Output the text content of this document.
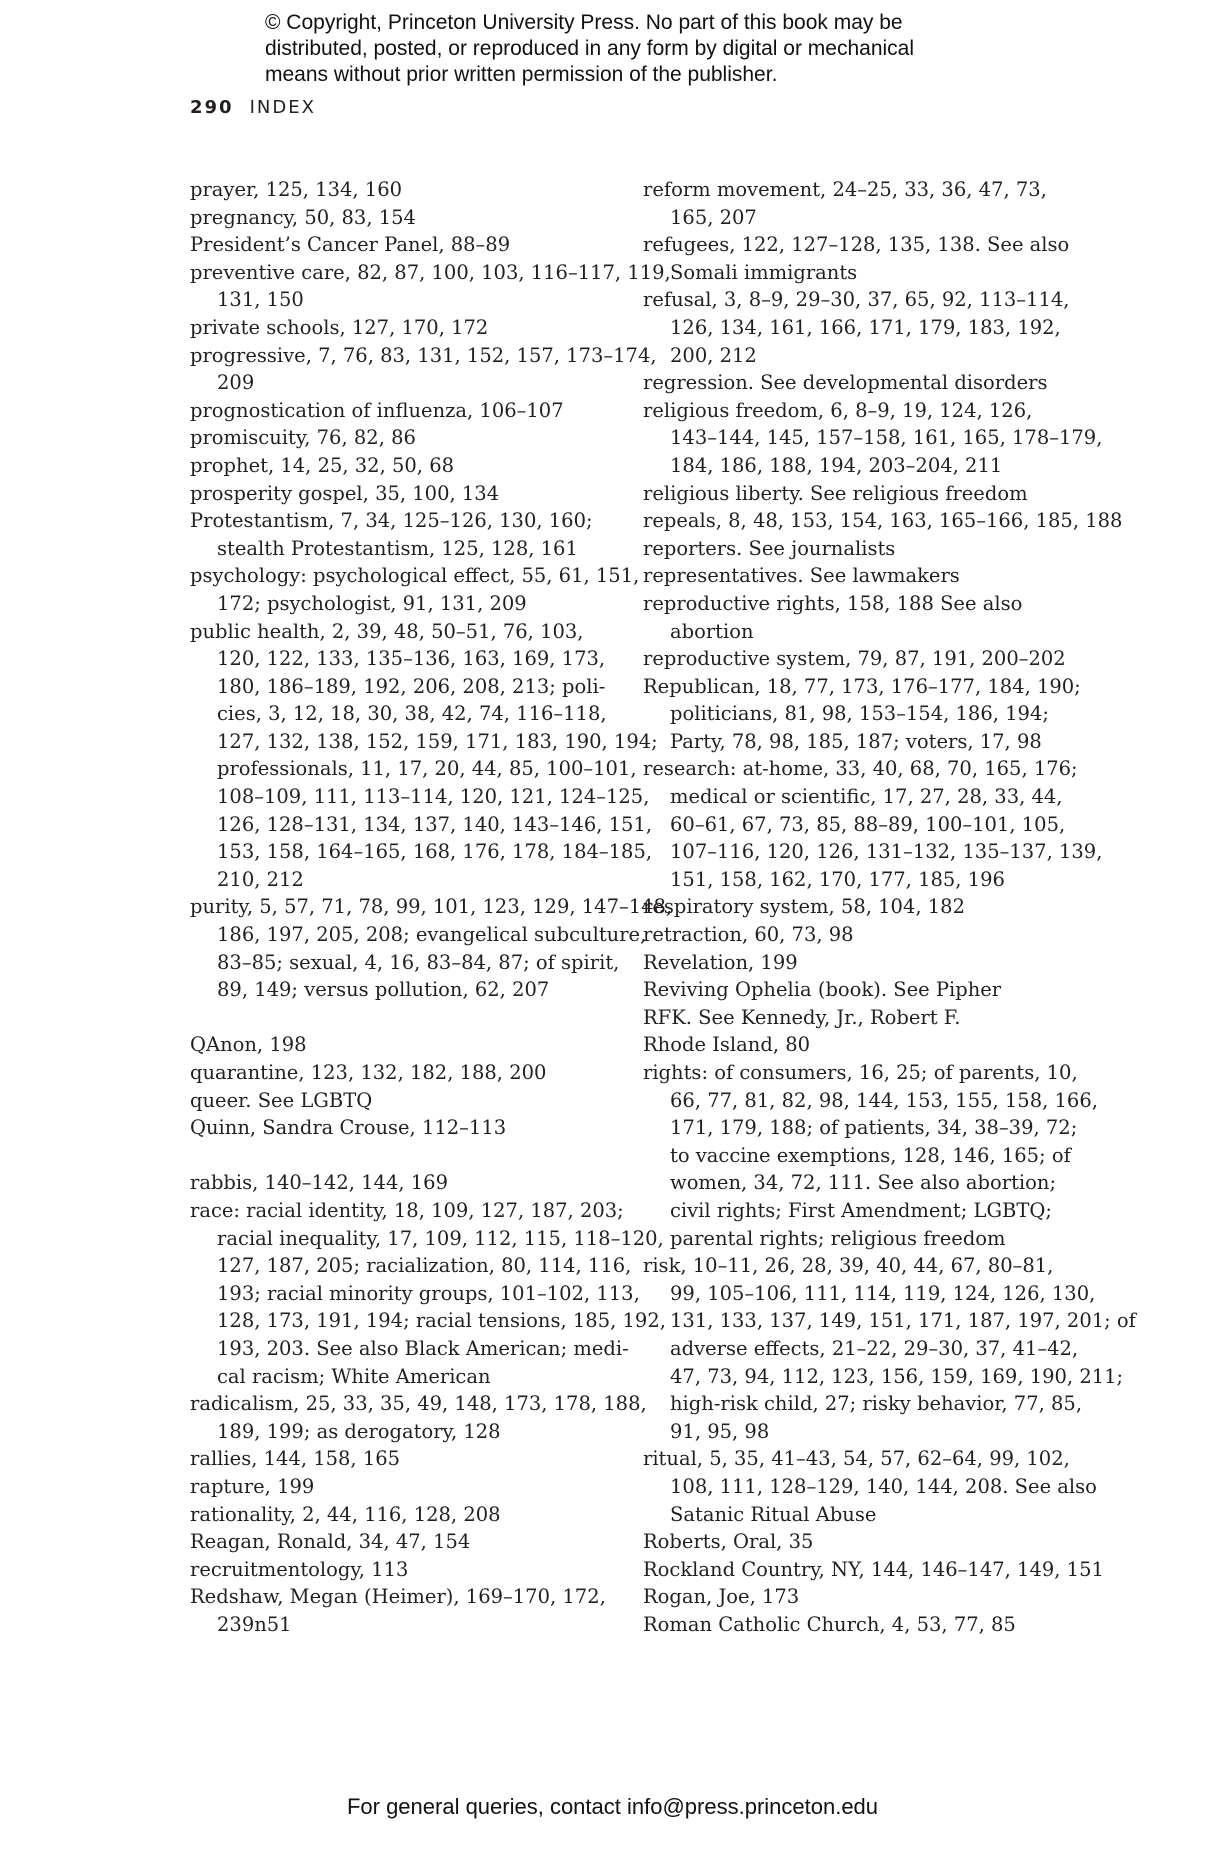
© Copyright, Princeton University Press. No part of this book may be
distributed, posted, or reproduced in any form by digital or mechanical
means without prior written permission of the publisher.
290 INDEX
prayer, 125, 134, 160
pregnancy, 50, 83, 154
President’s Cancer Panel, 88–89
preventive care, 82, 87, 100, 103, 116–117, 119,
131, 150
private schools, 127, 170, 172
progressive, 7, 76, 83, 131, 152, 157, 173–174,
209
prognostication of influenza, 106–107
promiscuity, 76, 82, 86
prophet, 14, 25, 32, 50, 68
prosperity gospel, 35, 100, 134
Protestantism, 7, 34, 125–126, 130, 160;
stealth Protestantism, 125, 128, 161
psychology: psychological effect, 55, 61, 151,
172; psychologist, 91, 131, 209
public health, 2, 39, 48, 50–51, 76, 103,
120, 122, 133, 135–136, 163, 169, 173,
180, 186–189, 192, 206, 208, 213; poli-
cies, 3, 12, 18, 30, 38, 42, 74, 116–118,
127, 132, 138, 152, 159, 171, 183, 190, 194;
professionals, 11, 17, 20, 44, 85, 100–101,
108–109, 111, 113–114, 120, 121, 124–125,
126, 128–131, 134, 137, 140, 143–146, 151,
153, 158, 164–165, 168, 176, 178, 184–185,
210, 212
purity, 5, 57, 71, 78, 99, 101, 123, 129, 147–148,
186, 197, 205, 208; evangelical subculture,
83–85; sexual, 4, 16, 83–84, 87; of spirit,
89, 149; versus pollution, 62, 207
QAnon, 198
quarantine, 123, 132, 182, 188, 200
queer. See LGBTQ
Quinn, Sandra Crouse, 112–113
rabbis, 140–142, 144, 169
race: racial identity, 18, 109, 127, 187, 203;
racial inequality, 17, 109, 112, 115, 118–120,
127, 187, 205; racialization, 80, 114, 116,
193; racial minority groups, 101–102, 113,
128, 173, 191, 194; racial tensions, 185, 192,
193, 203. See also Black American; medi-
cal racism; White American
radicalism, 25, 33, 35, 49, 148, 173, 178, 188,
189, 199; as derogatory, 128
rallies, 144, 158, 165
rapture, 199
rationality, 2, 44, 116, 128, 208
Reagan, Ronald, 34, 47, 154
recruitmentology, 113
Redshaw, Megan (Heimer), 169–170, 172,
239n51
reform movement, 24–25, 33, 36, 47, 73,
165, 207
refugees, 122, 127–128, 135, 138. See also
Somali immigrants
refusal, 3, 8–9, 29–30, 37, 65, 92, 113–114,
126, 134, 161, 166, 171, 179, 183, 192,
200, 212
regression. See developmental disorders
religious freedom, 6, 8–9, 19, 124, 126,
143–144, 145, 157–158, 161, 165, 178–179,
184, 186, 188, 194, 203–204, 211
religious liberty. See religious freedom
repeals, 8, 48, 153, 154, 163, 165–166, 185, 188
reporters. See journalists
representatives. See lawmakers
reproductive rights, 158, 188 See also
abortion
reproductive system, 79, 87, 191, 200–202
Republican, 18, 77, 173, 176–177, 184, 190;
politicians, 81, 98, 153–154, 186, 194;
Party, 78, 98, 185, 187; voters, 17, 98
research: at-home, 33, 40, 68, 70, 165, 176;
medical or scientific, 17, 27, 28, 33, 44,
60–61, 67, 73, 85, 88–89, 100–101, 105,
107–116, 120, 126, 131–132, 135–137, 139,
151, 158, 162, 170, 177, 185, 196
respiratory system, 58, 104, 182
retraction, 60, 73, 98
Revelation, 199
Reviving Ophelia (book). See Pipher
RFK. See Kennedy, Jr., Robert F.
Rhode Island, 80
rights: of consumers, 16, 25; of parents, 10,
66, 77, 81, 82, 98, 144, 153, 155, 158, 166,
171, 179, 188; of patients, 34, 38–39, 72;
to vaccine exemptions, 128, 146, 165; of
women, 34, 72, 111. See also abortion;
civil rights; First Amendment; LGBTQ;
parental rights; religious freedom
risk, 10–11, 26, 28, 39, 40, 44, 67, 80–81,
99, 105–106, 111, 114, 119, 124, 126, 130,
131, 133, 137, 149, 151, 171, 187, 197, 201; of
adverse effects, 21–22, 29–30, 37, 41–42,
47, 73, 94, 112, 123, 156, 159, 169, 190, 211;
high-risk child, 27; risky behavior, 77, 85,
91, 95, 98
ritual, 5, 35, 41–43, 54, 57, 62–64, 99, 102,
108, 111, 128–129, 140, 144, 208. See also
Satanic Ritual Abuse
Roberts, Oral, 35
Rockland Country, NY, 144, 146–147, 149, 151
Rogan, Joe, 173
Roman Catholic Church, 4, 53, 77, 85
For general queries, contact info@press.princeton.edu
